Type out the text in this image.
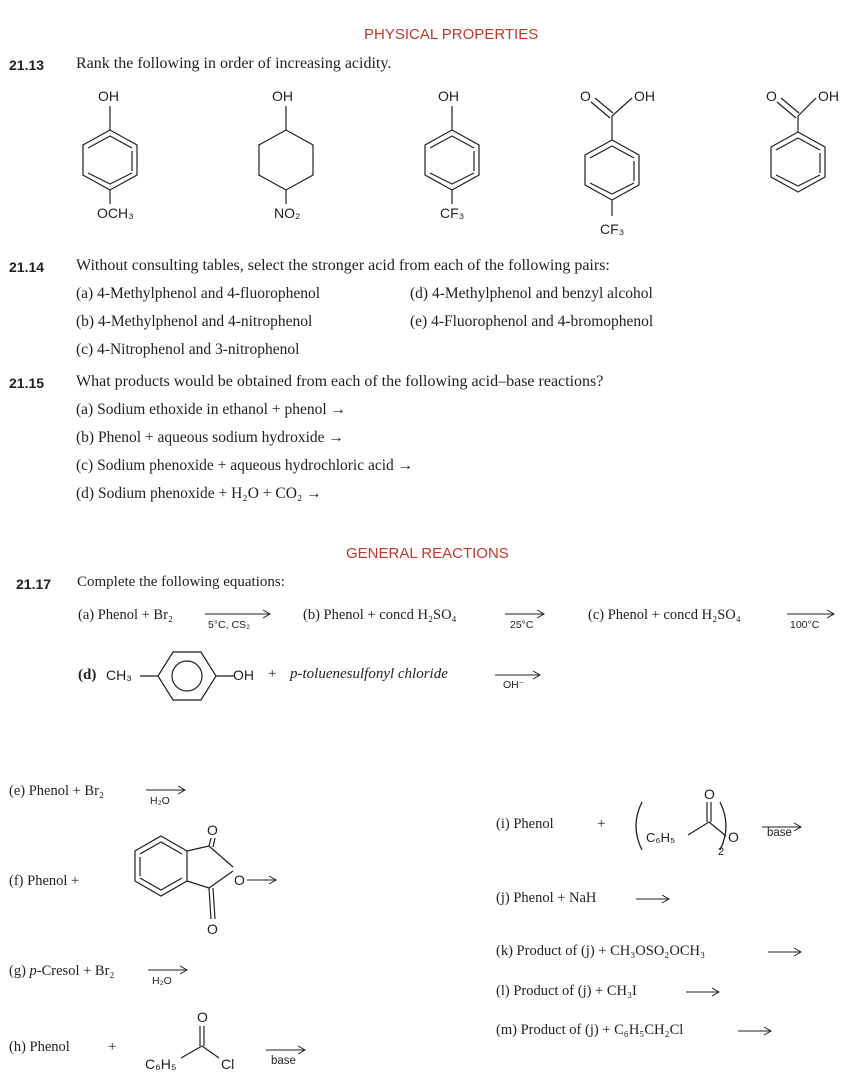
PHYSICAL PROPERTIES
21.13 Rank the following in order of increasing acidity.
OH
OCH₃
OH
NO₂
OH
CF₃
O	OH
CF₃
O	OH
21.14 Without consulting tables, select the stronger acid from each of the following pairs:
(a) 4-Methylphenol and 4-fluorophenol
(b) 4-Methylphenol and 4-nitrophenol
(c) 4-Nitrophenol and 3-nitrophenol
(d) 4-Methylphenol and benzyl alcohol
(e) 4-Fluorophenol and 4-bromophenol
21.15 What products would be obtained from each of the following acid–base reactions?
(a) Sodium ethoxide in ethanol + phenol →
(b) Phenol + aqueous sodium hydroxide →
(c) Sodium phenoxide + aqueous hydrochloric acid →
(d) Sodium phenoxide + H₂O + CO₂ →
GENERAL REACTIONS
21.17 Complete the following equations:
(a) Phenol + Br₂
5°C, CS₂
(b) Phenol + concd H₂SO₄
25°C
(c) Phenol + concd H₂SO₄
100°C
(d) CH₃	OH + p-toluenesulfonyl chloride
OH⁻
(e) Phenol + Br₂
H₂O
(f) Phenol +
O
O
O
(g) p-Cresol + Br₂
H₂O
(h) Phenol	+
O
C₆H₅	Cl	base
(i) Phenol	+
O
C₆H₅
2
O base
(j) Phenol + NaH
(k) Product of (j) + CH₃OSO₂OCH₃
(l) Product of (j) + CH₃I
(m) Product of (j) + C₆H₅CH₂Cl
